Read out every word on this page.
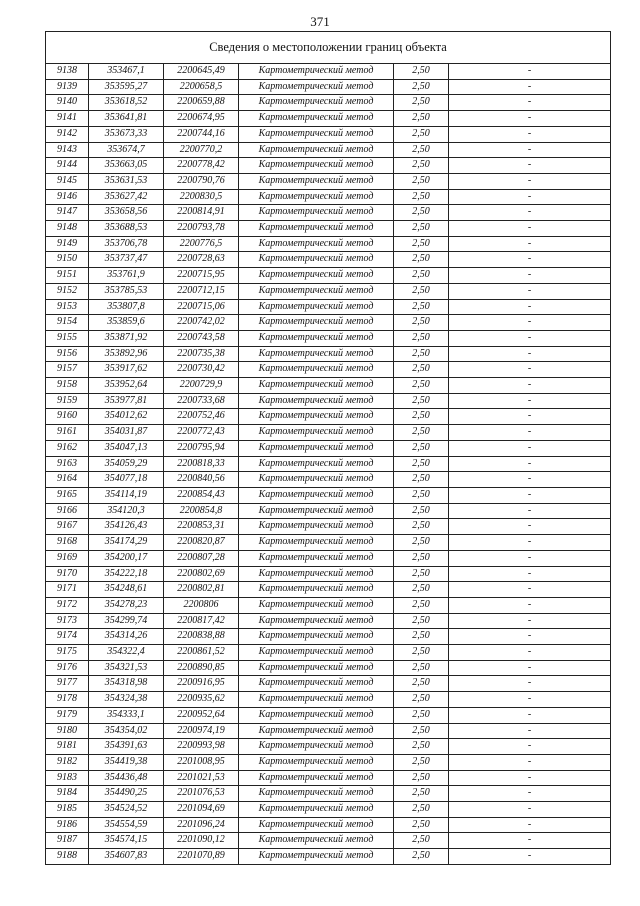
371
Сведения о местоположении границ объекта					
9138	353467,1	2200645,49	Картометрический метод	2,50	-
9139	353595,27	2200658,5	Картометрический метод	2,50	-
9140	353618,52	2200659,88	Картометрический метод	2,50	-
9141	353641,81	2200674,95	Картометрический метод	2,50	-
9142	353673,33	2200744,16	Картометрический метод	2,50	-
9143	353674,7	2200770,2	Картометрический метод	2,50	-
9144	353663,05	2200778,42	Картометрический метод	2,50	-
9145	353631,53	2200790,76	Картометрический метод	2,50	-
9146	353627,42	2200830,5	Картометрический метод	2,50	-
9147	353658,56	2200814,91	Картометрический метод	2,50	-
9148	353688,53	2200793,78	Картометрический метод	2,50	-
9149	353706,78	2200776,5	Картометрический метод	2,50	-
9150	353737,47	2200728,63	Картометрический метод	2,50	-
9151	353761,9	2200715,95	Картометрический метод	2,50	-
9152	353785,53	2200712,15	Картометрический метод	2,50	-
9153	353807,8	2200715,06	Картометрический метод	2,50	-
9154	353859,6	2200742,02	Картометрический метод	2,50	-
9155	353871,92	2200743,58	Картометрический метод	2,50	-
9156	353892,96	2200735,38	Картометрический метод	2,50	-
9157	353917,62	2200730,42	Картометрический метод	2,50	-
9158	353952,64	2200729,9	Картометрический метод	2,50	-
9159	353977,81	2200733,68	Картометрический метод	2,50	-
9160	354012,62	2200752,46	Картометрический метод	2,50	-
9161	354031,87	2200772,43	Картометрический метод	2,50	-
9162	354047,13	2200795,94	Картометрический метод	2,50	-
9163	354059,29	2200818,33	Картометрический метод	2,50	-
9164	354077,18	2200840,56	Картометрический метод	2,50	-
9165	354114,19	2200854,43	Картометрический метод	2,50	-
9166	354120,3	2200854,8	Картометрический метод	2,50	-
9167	354126,43	2200853,31	Картометрический метод	2,50	-
9168	354174,29	2200820,87	Картометрический метод	2,50	-
9169	354200,17	2200807,28	Картометрический метод	2,50	-
9170	354222,18	2200802,69	Картометрический метод	2,50	-
9171	354248,61	2200802,81	Картометрический метод	2,50	-
9172	354278,23	2200806	Картометрический метод	2,50	-
9173	354299,74	2200817,42	Картометрический метод	2,50	-
9174	354314,26	2200838,88	Картометрический метод	2,50	-
9175	354322,4	2200861,52	Картометрический метод	2,50	-
9176	354321,53	2200890,85	Картометрический метод	2,50	-
9177	354318,98	2200916,95	Картометрический метод	2,50	-
9178	354324,38	2200935,62	Картометрический метод	2,50	-
9179	354333,1	2200952,64	Картометрический метод	2,50	-
9180	354354,02	2200974,19	Картометрический метод	2,50	-
9181	354391,63	2200993,98	Картометрический метод	2,50	-
9182	354419,38	2201008,95	Картометрический метод	2,50	-
9183	354436,48	2201021,53	Картометрический метод	2,50	-
9184	354490,25	2201076,53	Картометрический метод	2,50	-
9185	354524,52	2201094,69	Картометрический метод	2,50	-
9186	354554,59	2201096,24	Картометрический метод	2,50	-
9187	354574,15	2201090,12	Картометрический метод	2,50	-
9188	354607,83	2201070,89	Картометрический метод	2,50	-
